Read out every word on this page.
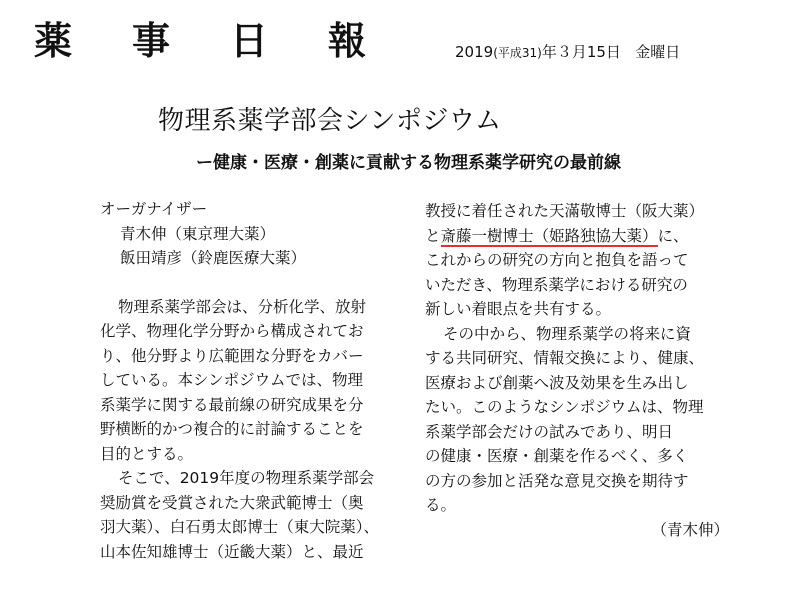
薬事日報 2019(平成31)年３月15日 金曜日
物理系薬学部会シンポジウム
ー健康・医療・創薬に貢献する物理系薬学研究の最前線
オーガナイザー
青木伸（東京理大薬）
飯田靖彦（鈴鹿医療大薬）
物理系薬学部会は、分析化学、放射
化学、物理化学分野から構成されてお
り、他分野より広範囲な分野をカバー
している。本シンポジウムでは、物理
系薬学に関する最前線の研究成果を分
野横断的かつ複合的に討論することを
目的とする。
そこで、2019年度の物理系薬学部会
奨励賞を受賞された大衆武範博士（奥
羽大薬）、白石勇太郎博士（東大院薬）、
山本佐知雄博士（近畿大薬）と、最近
教授に着任された天滿敬博士（阪大薬）
と斎藤一樹博士（姫路独協大薬）に、
これからの研究の方向と抱負を語って
いただき、物理系薬学における研究の
新しい着眼点を共有する。
その中から、物理系薬学の将来に資
する共同研究、情報交換により、健康、
医療および創薬へ波及効果を生み出し
たい。このようなシンポジウムは、物理
系薬学部会だけの試みであり、明日
の健康・医療・創薬を作るべく、多く
の方の参加と活発な意見交換を期待す
る。
（青木伸）
